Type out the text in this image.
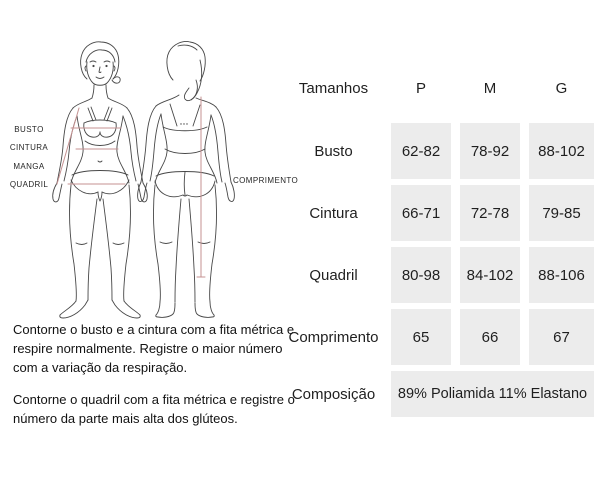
BUSTO
CINTURA
MANGA
QUADRIL	COMPRIMENTO
Tamanhos	P	M	G
Busto	62-82	78-92	88-102
Cintura	66-71	72-78	79-85
Quadril	80-98	84-102	88-106
Comprimento	65	66	67
Composição	89% Poliamida 11% Elastano

Contorne o busto e a cintura com a fita métrica e respire normalmente. Registre o maior número com a variação da respiração.

Contorne o quadril com a fita métrica e registre o número da parte mais alta dos glúteos.
